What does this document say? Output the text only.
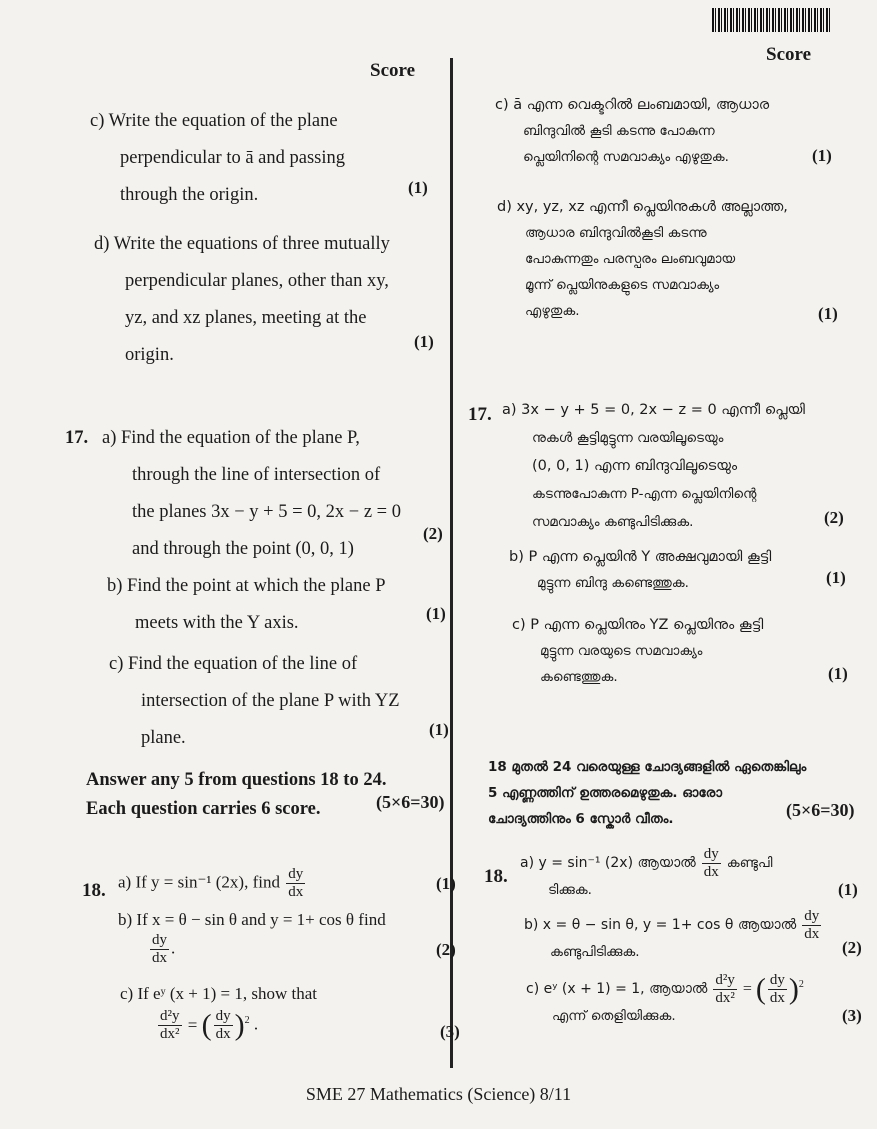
Score
Score
c) Write the equation of the plane
perpendicular to ā and passing
through the origin.	(1)
d) Write the equations of three mutually
perpendicular planes, other than xy,
yz, and xz planes, meeting at the
origin.
(1)
17. a) Find the equation of the plane P,
through the line of intersection of
the planes 3x − y + 5 = 0, 2x − z = 0
and through the point (0, 0, 1)
(2)
b) Find the point at which the plane P
meets with the Y axis.	(1)
c) Find the equation of the line of
intersection of the plane P with YZ
plane.	(1)
Answer any 5 from questions 18 to 24.
Each question carries 6 score.	(5×6=30)
18. a) If y = sin⁻¹ (2x), find $\frac{dy}{dx}$	(1)
b) If x = θ − sin θ and y = 1+ cos θ find
$\frac{dy}{dx}$ .	(2)
c) If eʸ (x + 1) = 1, show that
$\frac{\text{d²y}}{\text{dx²}}$ = ( $\frac{dy}{dx} )^2$ .	(3)
c) ā എന്ന വെക്ടറിൽ ലംബമായി, ആധാര
ബിന്ദുവിൽ കൂടി കടന്നു പോകുന്ന
പ്ലെയിനിന്റെ സമവാക്യം എഴുതുക.	(1)
d) xy, yz, xz എന്നീ പ്ലെയിനുകൾ അല്ലാത്ത,
ആധാര ബിന്ദുവിൽകൂടി കടന്നു
പോകുന്നതും പരസ്പരം ലംബവുമായ
മൂന്ന് പ്ലെയിനുകളുടെ സമവാക്യം
എഴുതുക.	(1)
17. a) 3x − y + 5 = 0, 2x − z = 0 എന്നീ പ്ലെയി
നുകൾ കൂട്ടിമുട്ടുന്ന വരയിലൂടെയും
(0, 0, 1) എന്ന ബിന്ദുവിലൂടെയും
കടന്നുപോകുന്ന P-എന്ന പ്ലെയിനിന്റെ
സമവാക്യം കണ്ടുപിടിക്കുക.	(2)
b) P എന്ന പ്ലെയിൻ Y അക്ഷവുമായി കൂട്ടി
മുട്ടുന്ന ബിന്ദു കണ്ടെത്തുക.	(1)
c) P എന്ന പ്ലെയിനും YZ പ്ലെയിനും കൂട്ടി
മുട്ടുന്ന വരയുടെ സമവാക്യം
കണ്ടെത്തുക.	(1)
18 മുതൽ 24 വരെയുള്ള ചോദ്യങ്ങളിൽ ഏതെങ്കിലും
5 എണ്ണത്തിന് ഉത്തരമെഴുതുക. ഓരോ
ചോദ്യത്തിനും 6 സ്കോർ വീതം.	(5×6=30)
18.
a) y = sin⁻¹ (2x) ആയാൽ $\frac{dy}{dx}$ കണ്ടുപി
ടിക്കുക.	(1)
b) x = θ − sin θ, y = 1+ cos θ ആയാൽ $\frac{dy}{dx}$
കണ്ടുപിടിക്കുക.	(2)
c) eʸ (x + 1) = 1, ആയാൽ $\frac{\text{d²y}}{\text{dx²}}$ = ( $\frac{dy}{dx} )^2$
എന്ന് തെളിയിക്കുക.	(3)
SME 27 Mathematics (Science) 8/11
